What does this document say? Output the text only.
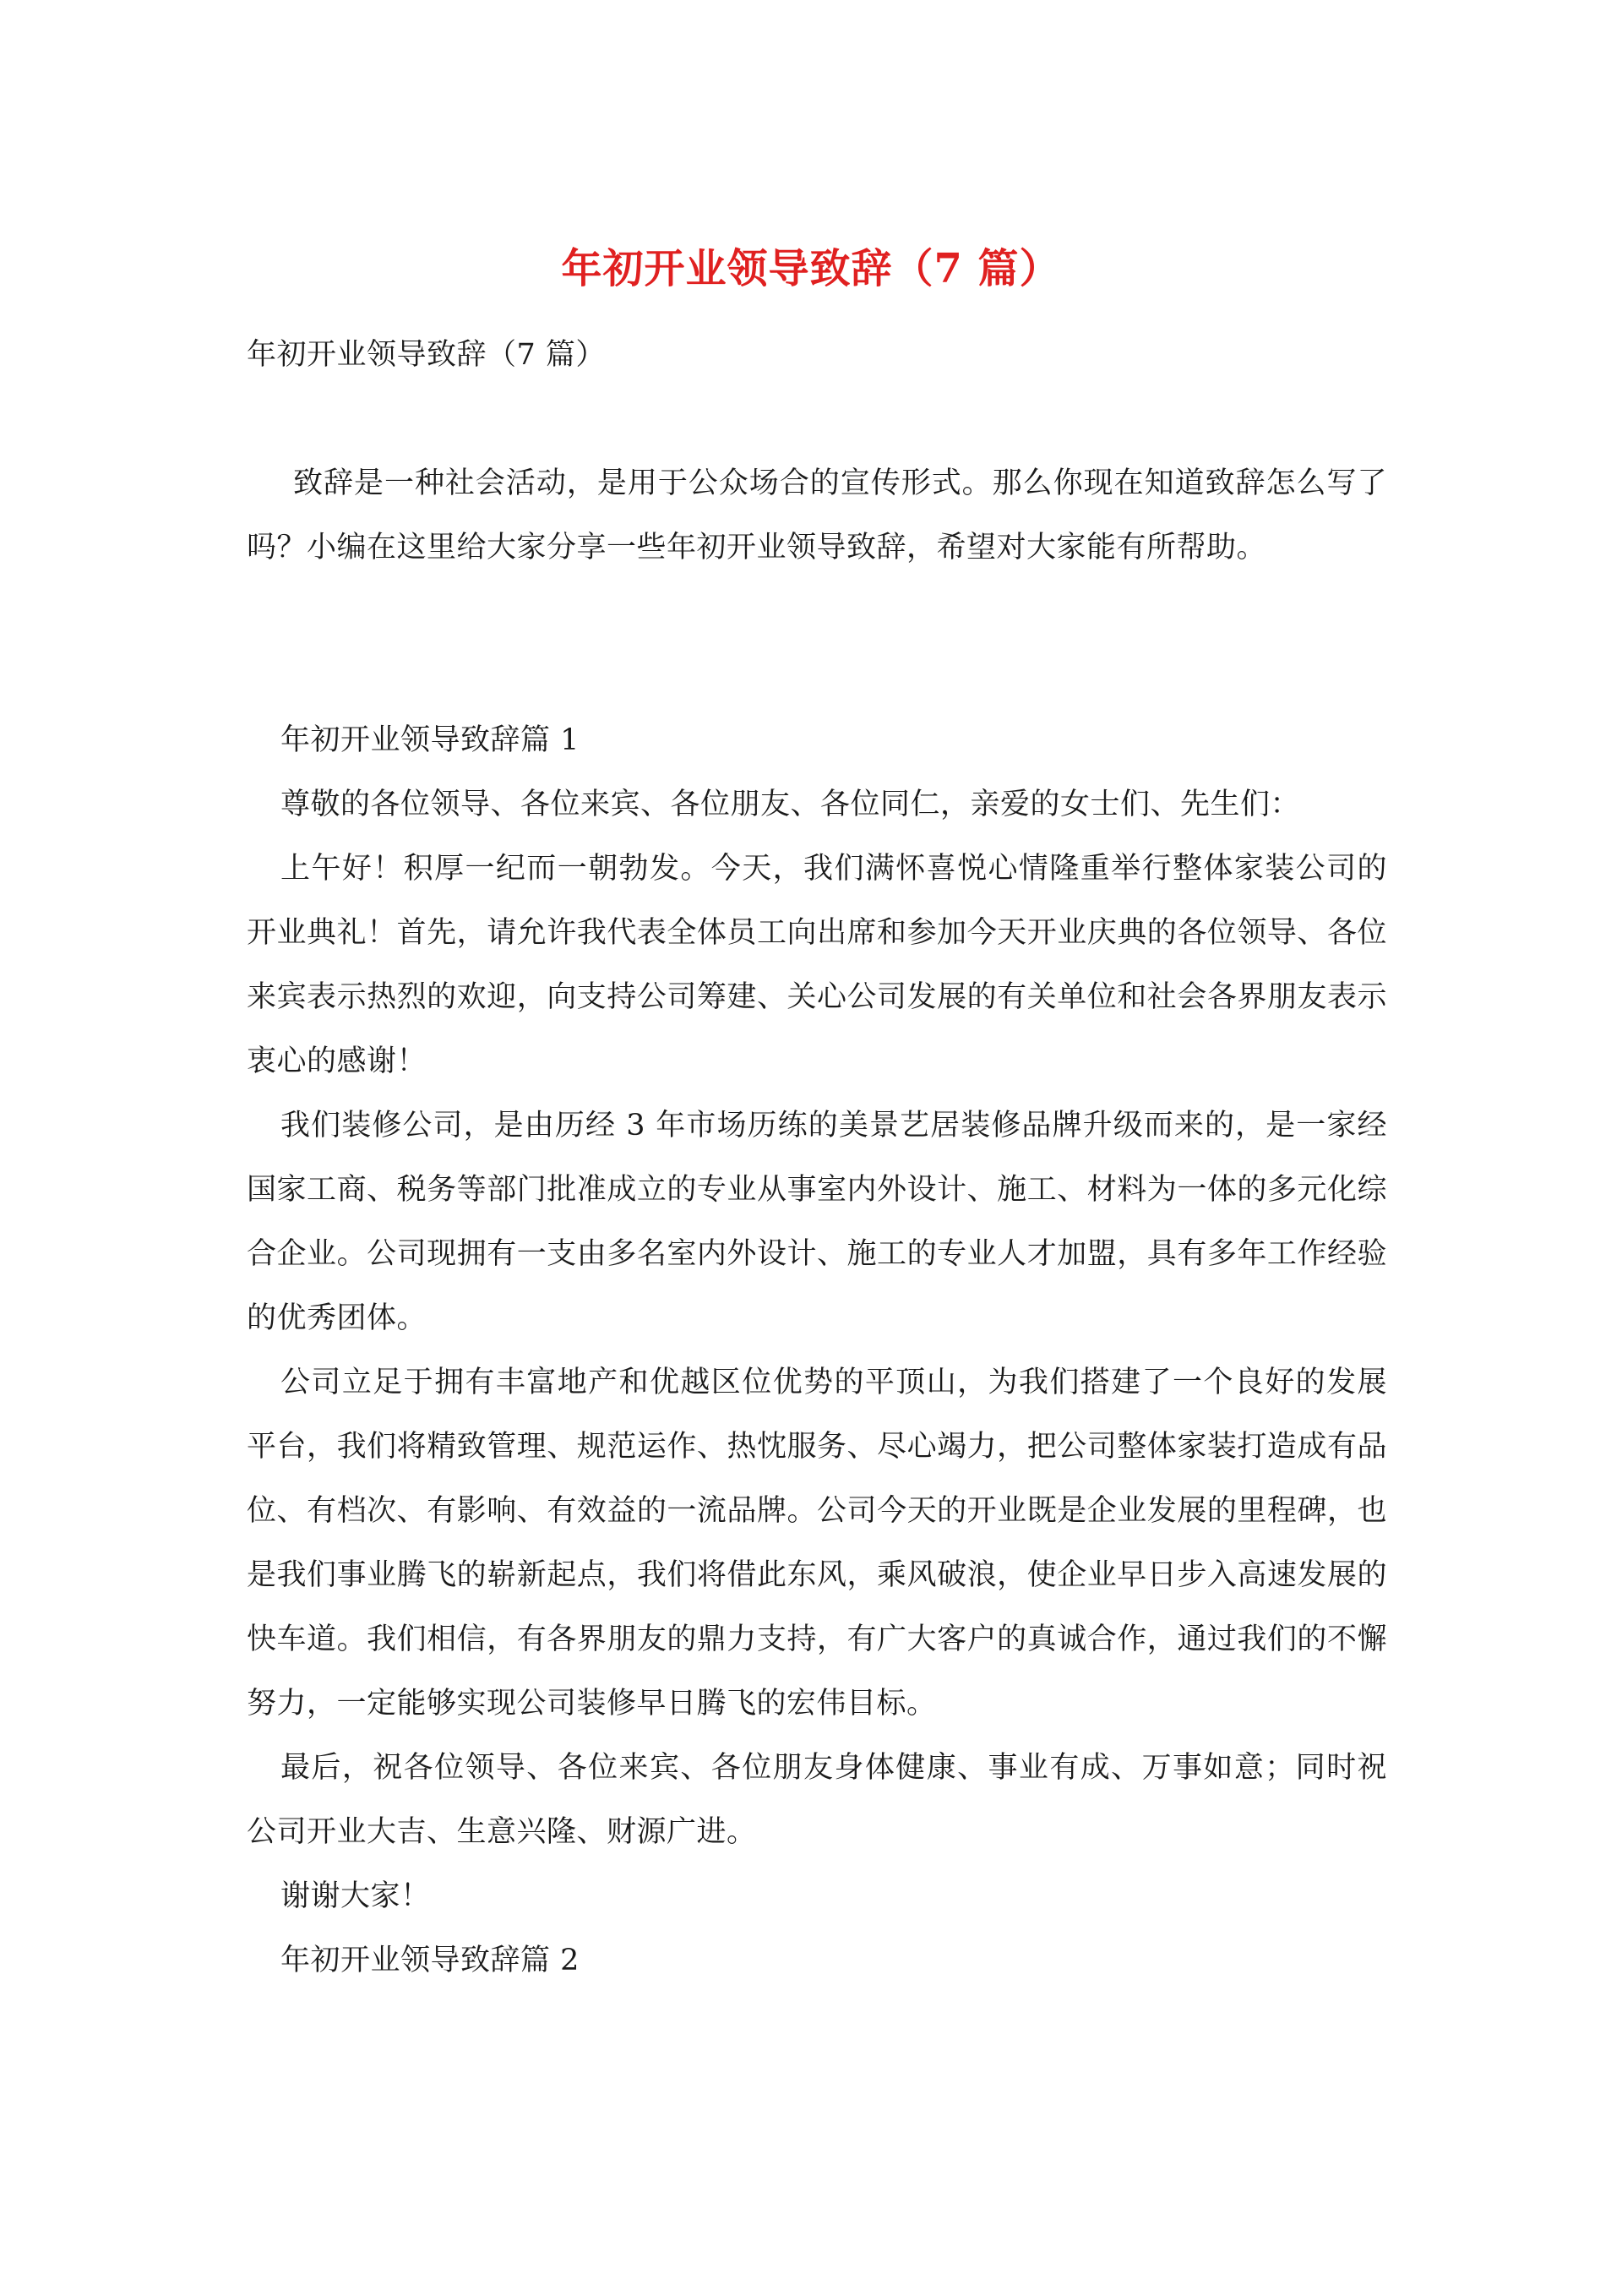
年初开业领导致辞（7 篇）

年初开业领导致辞（7 篇）

致辞是一种社会活动，是用于公众场合的宣传形式。那么你现在知道致辞怎么写了吗？小编在这里给大家分享一些年初开业领导致辞，希望对大家能有所帮助。

年初开业领导致辞篇 1

尊敬的各位领导、各位来宾、各位朋友、各位同仁，亲爱的女士们、先生们：

上午好！积厚一纪而一朝勃发。今天，我们满怀喜悦心情隆重举行整体家装公司的开业典礼！首先，请允许我代表全体员工向出席和参加今天开业庆典的各位领导、各位来宾表示热烈的欢迎，向支持公司筹建、关心公司发展的有关单位和社会各界朋友表示衷心的感谢！

我们装修公司，是由历经 3 年市场历练的美景艺居装修品牌升级而来的，是一家经国家工商、税务等部门批准成立的专业从事室内外设计、施工、材料为一体的多元化综合企业。公司现拥有一支由多名室内外设计、施工的专业人才加盟，具有多年工作经验的优秀团体。

公司立足于拥有丰富地产和优越区位优势的平顶山，为我们搭建了一个良好的发展平台，我们将精致管理、规范运作、热忱服务、尽心竭力，把公司整体家装打造成有品位、有档次、有影响、有效益的一流品牌。公司今天的开业既是企业发展的里程碑，也是我们事业腾飞的崭新起点，我们将借此东风，乘风破浪，使企业早日步入高速发展的快车道。我们相信，有各界朋友的鼎力支持，有广大客户的真诚合作，通过我们的不懈努力，一定能够实现公司装修早日腾飞的宏伟目标。

最后，祝各位领导、各位来宾、各位朋友身体健康、事业有成、万事如意；同时祝公司开业大吉、生意兴隆、财源广进。

谢谢大家！

年初开业领导致辞篇 2
